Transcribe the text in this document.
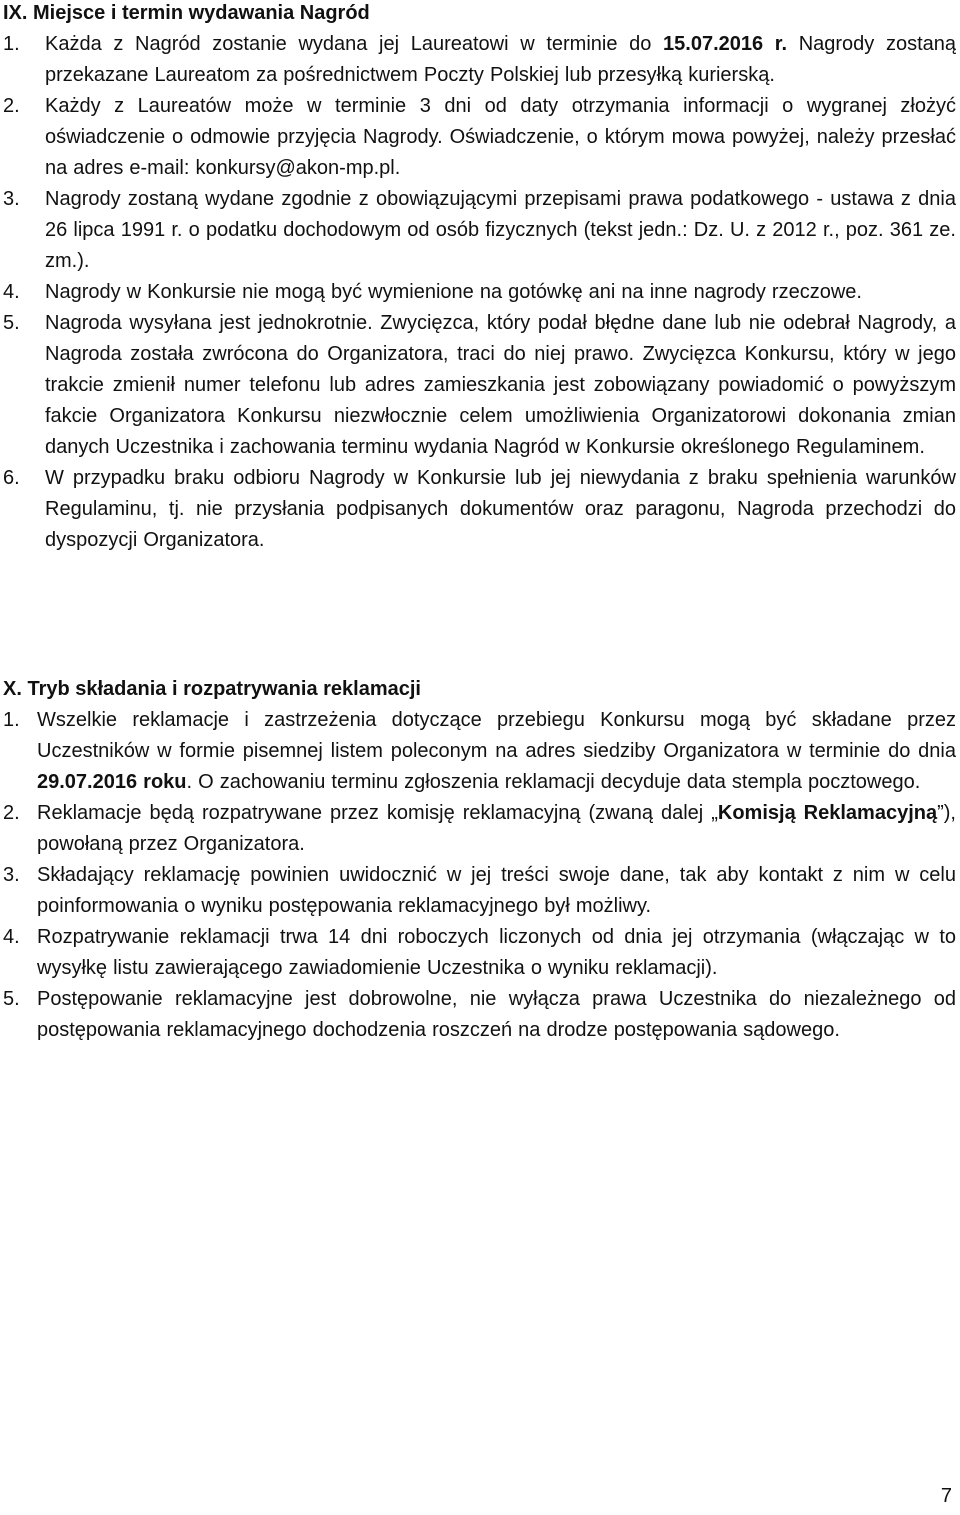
IX. Miejsce i termin wydawania Nagród
1. Każda z Nagród zostanie wydana jej Laureatowi w terminie do 15.07.2016 r. Nagrody zostaną przekazane Laureatom za pośrednictwem Poczty Polskiej lub przesyłką kurierską.
2. Każdy z Laureatów może w terminie 3 dni od daty otrzymania informacji o wygranej złożyć oświadczenie o odmowie przyjęcia Nagrody. Oświadczenie, o którym mowa powyżej, należy przesłać na adres e-mail: konkursy@akon-mp.pl.
3. Nagrody zostaną wydane zgodnie z obowiązującymi przepisami prawa podatkowego - ustawa z dnia 26 lipca 1991 r. o podatku dochodowym od osób fizycznych (tekst jedn.: Dz. U. z 2012 r., poz. 361 ze. zm.).
4. Nagrody w Konkursie nie mogą być wymienione na gotówkę ani na inne nagrody rzeczowe.
5. Nagroda wysyłana jest jednokrotnie. Zwycięzca, który podał błędne dane lub nie odebrał Nagrody, a Nagroda została zwrócona do Organizatora, traci do niej prawo. Zwycięzca Konkursu, który w jego trakcie zmienił numer telefonu lub adres zamieszkania jest zobowiązany powiadomić o powyższym fakcie Organizatora Konkursu niezwłocznie celem umożliwienia Organizatorowi dokonania zmian danych Uczestnika i zachowania terminu wydania Nagród w Konkursie określonego Regulaminem.
6. W przypadku braku odbioru Nagrody w Konkursie lub jej niewydania z braku spełnienia warunków Regulaminu, tj. nie przysłania podpisanych dokumentów oraz paragonu, Nagroda przechodzi do dyspozycji Organizatora.
X. Tryb składania i rozpatrywania reklamacji
1. Wszelkie reklamacje i zastrzeżenia dotyczące przebiegu Konkursu mogą być składane przez Uczestników w formie pisemnej listem poleconym na adres siedziby Organizatora w terminie do dnia 29.07.2016 roku. O zachowaniu terminu zgłoszenia reklamacji decyduje data stempla pocztowego.
2. Reklamacje będą rozpatrywane przez komisję reklamacyjną (zwaną dalej „Komisją Reklamacyjną”), powołaną przez Organizatora.
3. Składający reklamację powinien uwidocznić w jej treści swoje dane, tak aby kontakt z nim w celu poinformowania o wyniku postępowania reklamacyjnego był możliwy.
4. Rozpatrywanie reklamacji trwa 14 dni roboczych liczonych od dnia jej otrzymania (włączając w to wysyłkę listu zawierającego zawiadomienie Uczestnika o wyniku reklamacji).
5. Postępowanie reklamacyjne jest dobrowolne, nie wyłącza prawa Uczestnika do niezależnego od postępowania reklamacyjnego dochodzenia roszczeń na drodze postępowania sądowego.
7
